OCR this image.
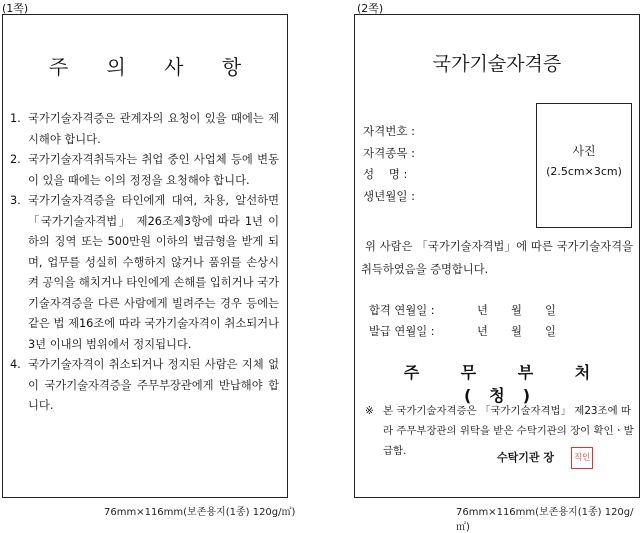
(1쪽)
주 의 사 항
1. 국가기술자격증은 관계자의 요청이 있을 때에는 제시해야 합니다.
2. 국가기술자격취득자는 취업 중인 사업체 등에 변동이 있을 때에는 이의 정정을 요청해야 합니다.
3. 국가기술자격증을 타인에게 대여, 차용, 알선하면 「국가기술자격법」 제26조제3항에 따라 1년 이하의 징역 또는 500만원 이하의 벌금형을 받게 되며, 업무를 성실히 수행하지 않거나 품위를 손상시켜 공익을 해치거나 타인에게 손해를 입히거나 국가기술자격증을 다른 사람에게 빌려주는 경우 등에는 같은 법 제16조에 따라 국가기술자격이 취소되거나 3년 이내의 범위에서 정지됩니다.
4. 국가기술자격이 취소되거나 정지된 사람은 지체 없이 국가기술자격증을 주무부장관에게 반납해야 합니다.
76mm×116mm(보존용지(1종) 120g/㎡)
(2쪽)
국가기술자격증
자격번호 :
자격종목 :
성    명 :
생년월일 :
사진
(2.5cm×3cm)
위 사람은 「국가기술자격법」에 따른 국가기술자격을 취득하였음을 증명합니다.
합격 연월일 :	년	월	일
발급 연월일 :	년	월	일
주 무 부 처(청)
※ 본 국가기술자격증은 「국가기술자격법」 제23조에 따라 주무부장관의 위탁을 받은 수탁기관의 장이 확인ㆍ발급함.	수탁기관 장	직인
76mm×116mm(보존용지(1종) 120g/㎡)
